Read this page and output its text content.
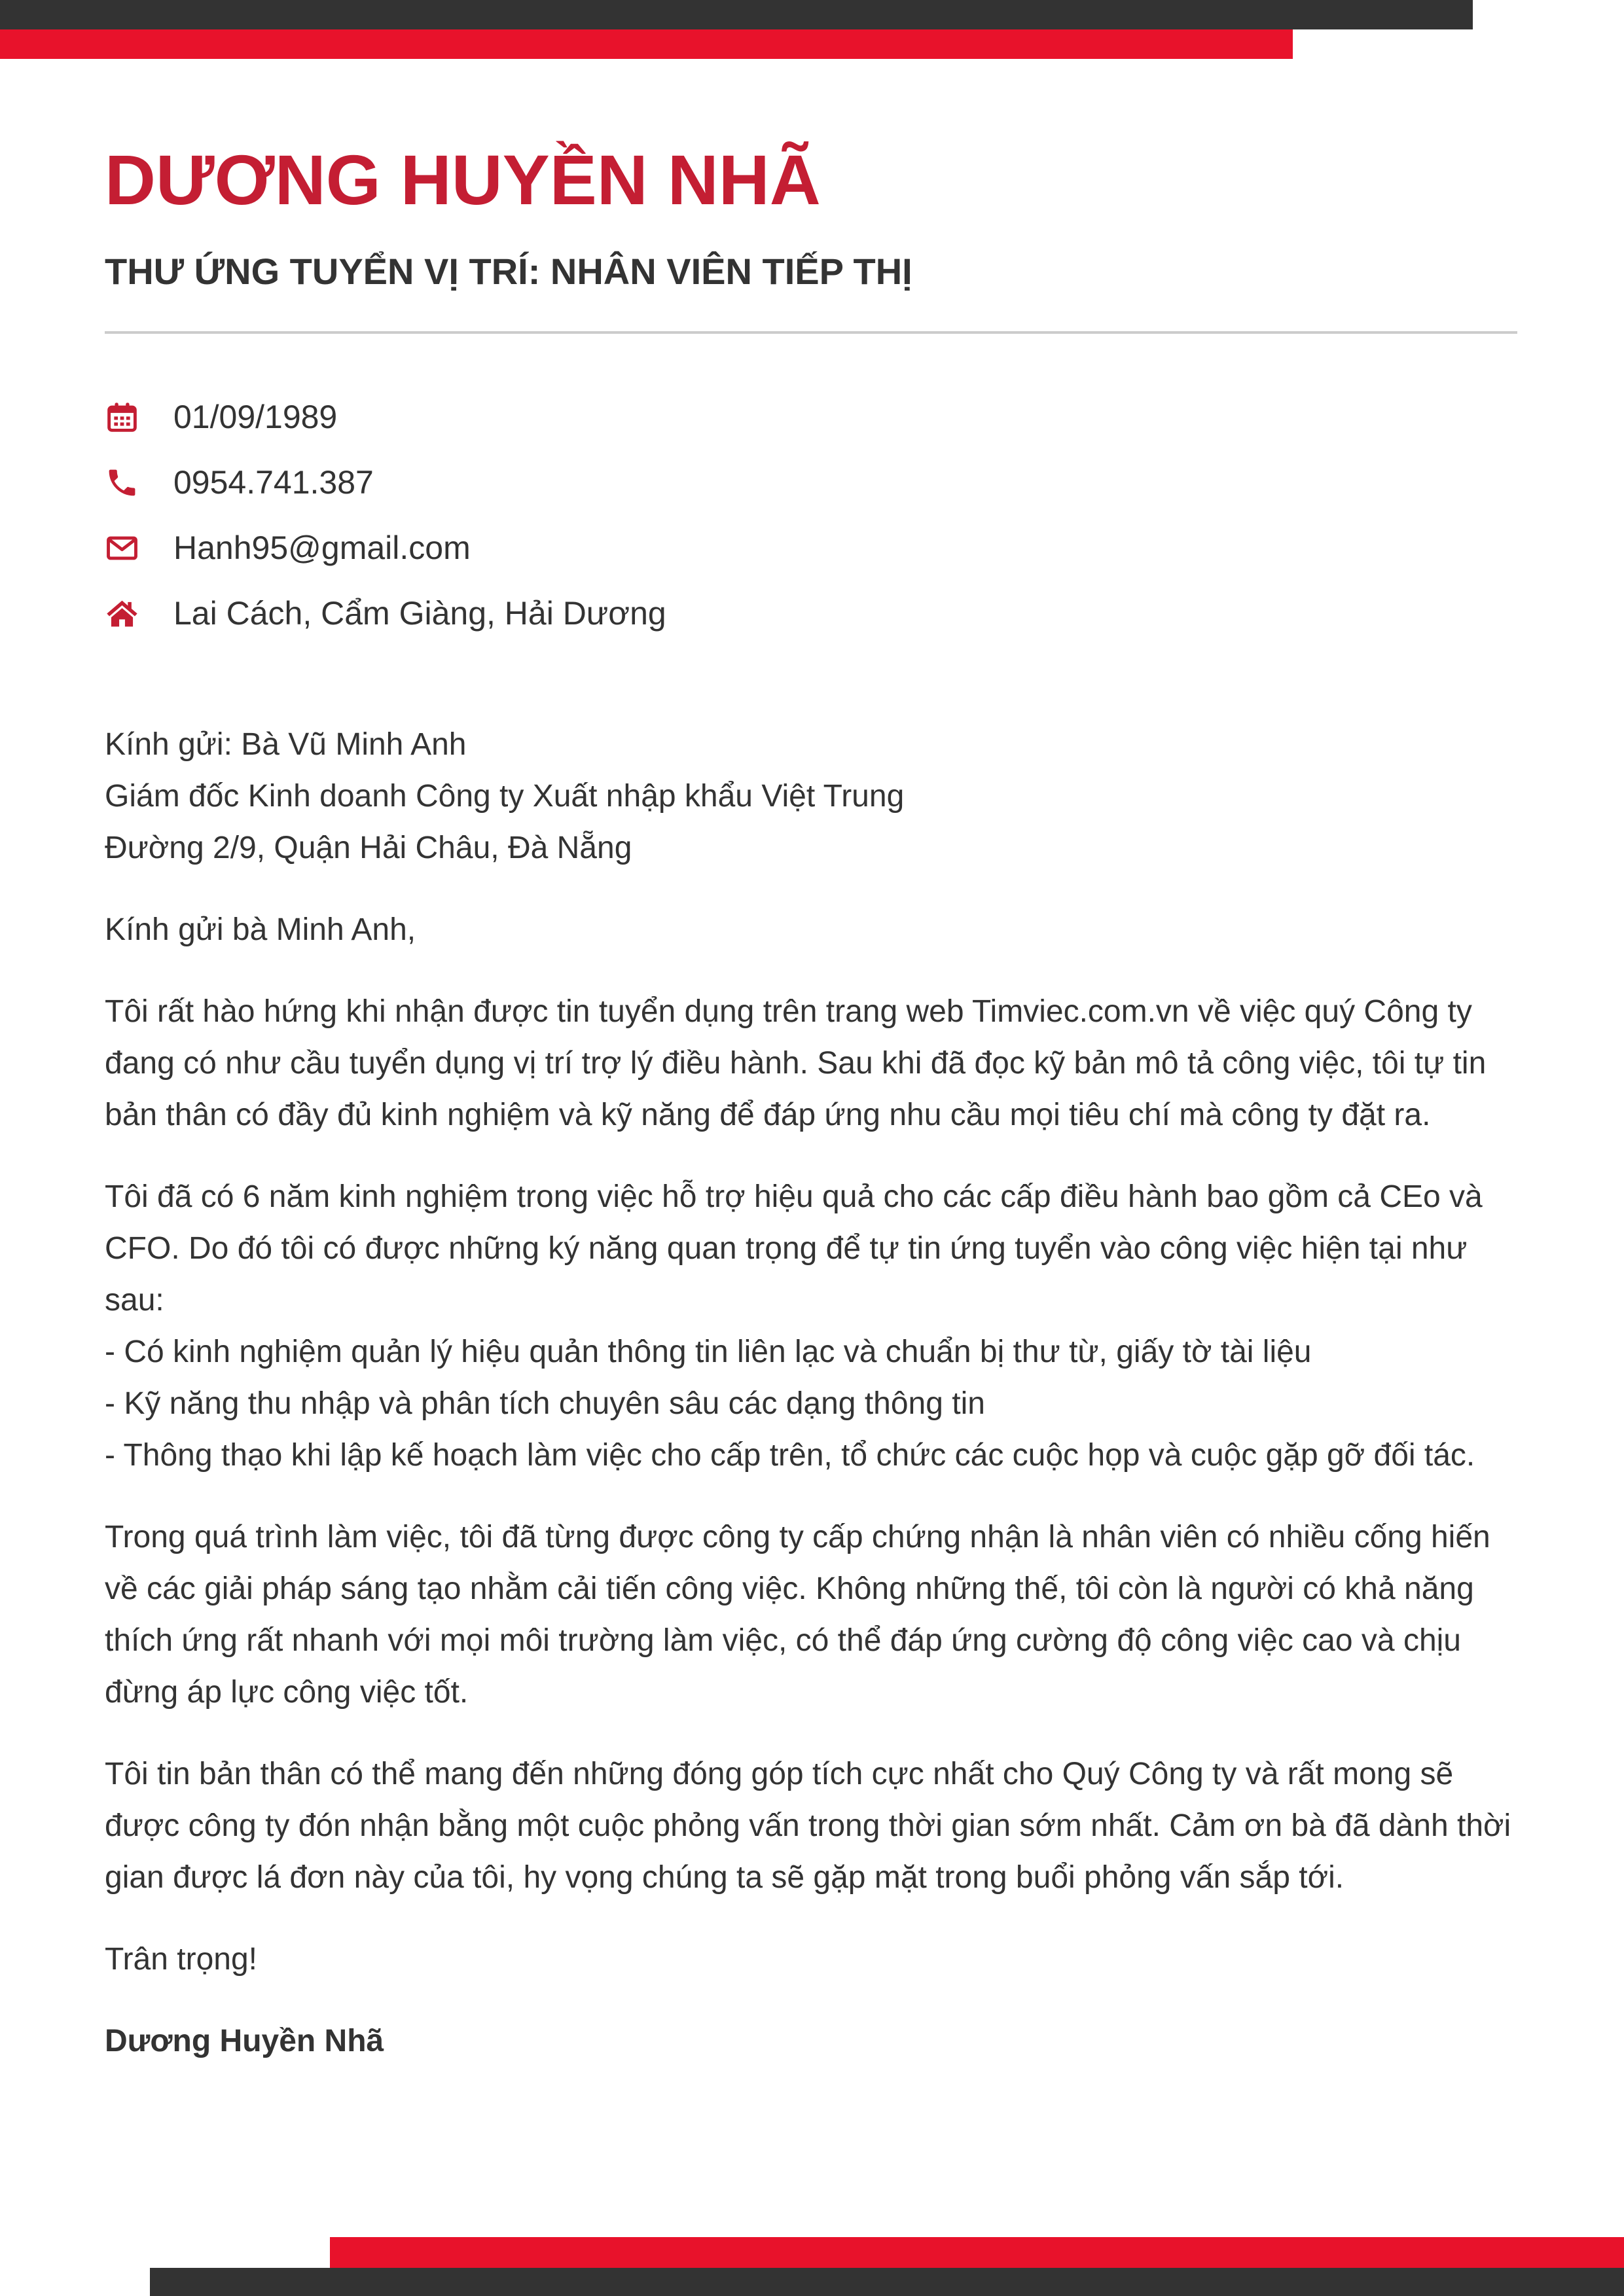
DƯƠNG HUYỀN NHÃ
THƯ ỨNG TUYỂN VỊ TRÍ: NHÂN VIÊN TIẾP THỊ
01/09/1989
0954.741.387
Hanh95@gmail.com
Lai Cách, Cẩm Giàng, Hải Dương

Kính gửi: Bà Vũ Minh Anh
Giám đốc Kinh doanh Công ty Xuất nhập khẩu Việt Trung
Đường 2/9, Quận Hải Châu, Đà Nẵng

Kính gửi bà Minh Anh,

Tôi rất hào hứng khi nhận được tin tuyển dụng trên trang web Timviec.com.vn về việc quý Công ty
đang có như cầu tuyển dụng vị trí trợ lý điều hành. Sau khi đã đọc kỹ bản mô tả công việc, tôi tự tin
bản thân có đầy đủ kinh nghiệm và kỹ năng để đáp ứng nhu cầu mọi tiêu chí mà công ty đặt ra.

Tôi đã có 6 năm kinh nghiệm trong việc hỗ trợ hiệu quả cho các cấp điều hành bao gồm cả CEo và
CFO. Do đó tôi có được những ký năng quan trọng để tự tin ứng tuyển vào công việc hiện tại như
sau:
- Có kinh nghiệm quản lý hiệu quản thông tin liên lạc và chuẩn bị thư từ, giấy tờ tài liệu
- Kỹ năng thu nhập và phân tích chuyên sâu các dạng thông tin
- Thông thạo khi lập kế hoạch làm việc cho cấp trên, tổ chức các cuộc họp và cuộc gặp gỡ đối tác.

Trong quá trình làm việc, tôi đã từng được công ty cấp chứng nhận là nhân viên có nhiều cống hiến
về các giải pháp sáng tạo nhằm cải tiến công việc. Không những thế, tôi còn là người có khả năng
thích ứng rất nhanh với mọi môi trường làm việc, có thể đáp ứng cường độ công việc cao và chịu
đừng áp lực công việc tốt.

Tôi tin bản thân có thể mang đến những đóng góp tích cực nhất cho Quý Công ty và rất mong sẽ
được công ty đón nhận bằng một cuộc phỏng vấn trong thời gian sớm nhất. Cảm ơn bà đã dành thời
gian được lá đơn này của tôi, hy vọng chúng ta sẽ gặp mặt trong buổi phỏng vấn sắp tới.

Trân trọng!

Dương Huyền Nhã
